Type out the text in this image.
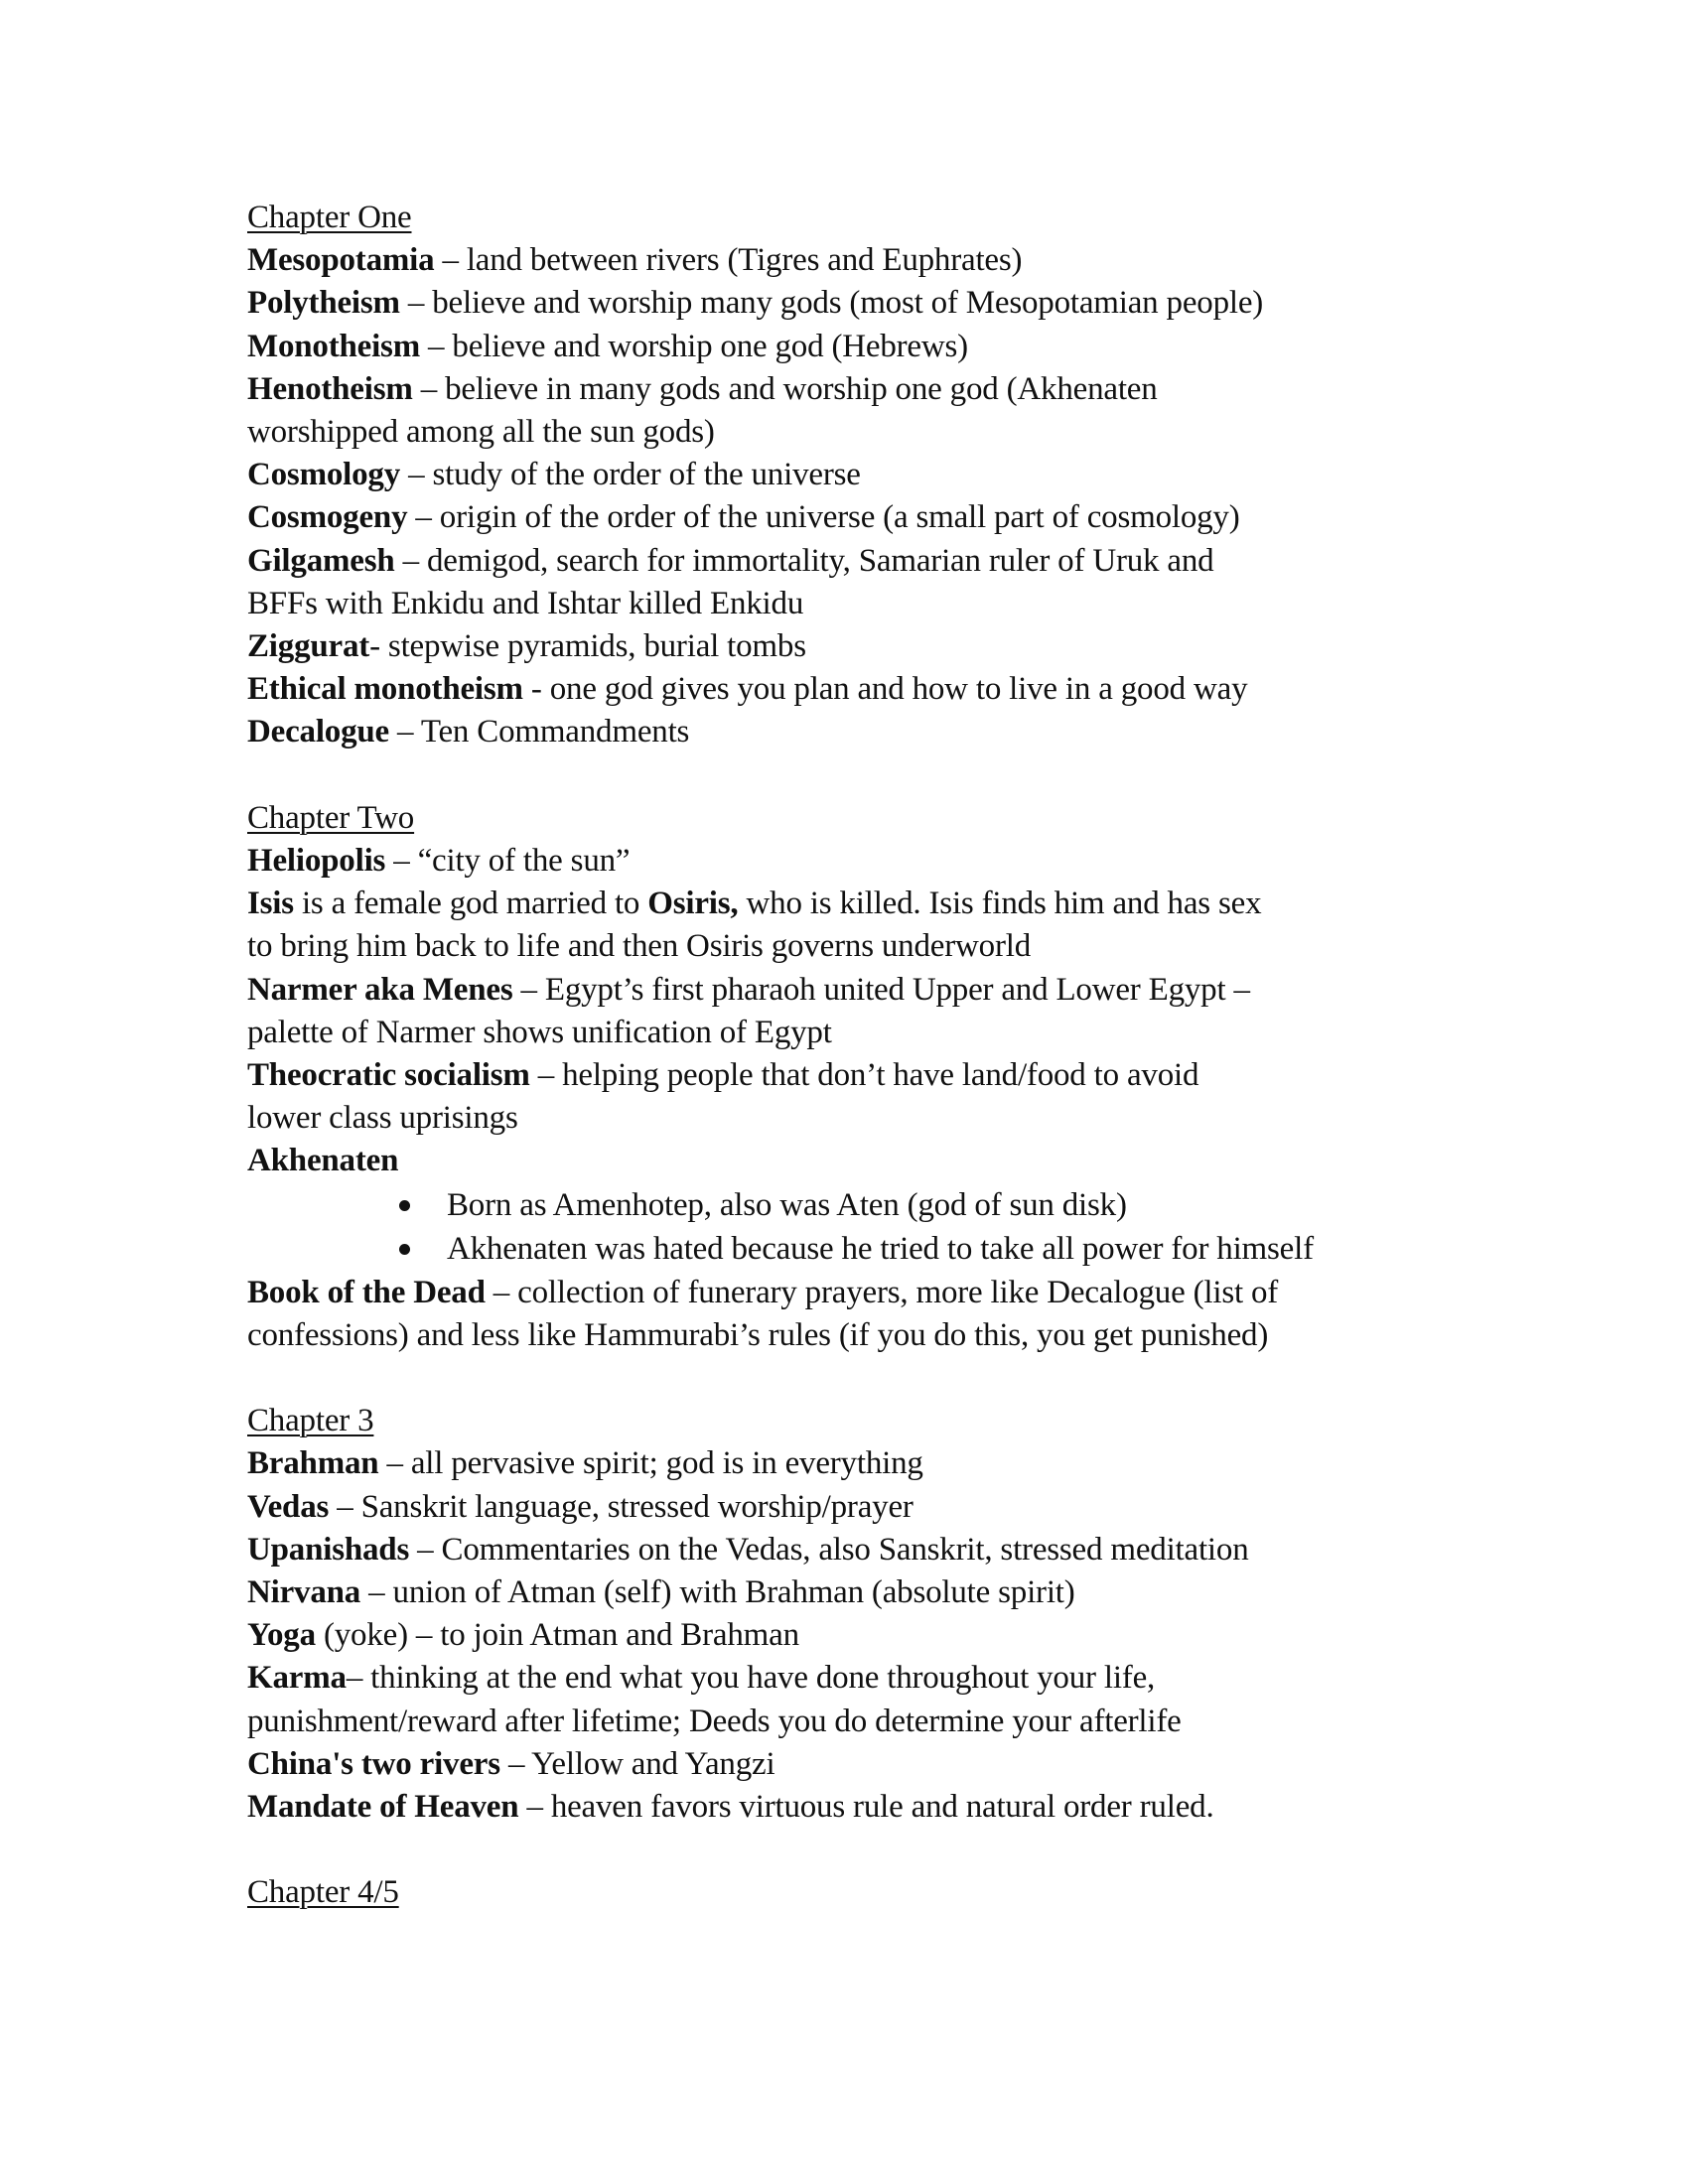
Chapter One
Mesopotamia – land between rivers (Tigres and Euphrates)
Polytheism – believe and worship many gods (most of Mesopotamian people)
Monotheism – believe and worship one god (Hebrews)
Henotheism – believe in many gods and worship one god (Akhenaten
worshipped among all the sun gods)
Cosmology – study of the order of the universe
Cosmogeny – origin of the order of the universe (a small part of cosmology)
Gilgamesh – demigod, search for immortality, Samarian ruler of Uruk and
BFFs with Enkidu and Ishtar killed Enkidu
Ziggurat- stepwise pyramids, burial tombs
Ethical monotheism - one god gives you plan and how to live in a good way
Decalogue – Ten Commandments
Chapter Two
Heliopolis – “city of the sun”
Isis is a female god married to Osiris, who is killed. Isis finds him and has sex
to bring him back to life and then Osiris governs underworld
Narmer aka Menes – Egypt’s first pharaoh united Upper and Lower Egypt –
palette of Narmer shows unification of Egypt
Theocratic socialism – helping people that don’t have land/food to avoid
lower class uprisings
Akhenaten
Born as Amenhotep, also was Aten (god of sun disk)
Akhenaten was hated because he tried to take all power for himself
Book of the Dead – collection of funerary prayers, more like Decalogue (list of
confessions) and less like Hammurabi’s rules (if you do this, you get punished)
Chapter 3
Brahman – all pervasive spirit; god is in everything
Vedas – Sanskrit language, stressed worship/prayer
Upanishads – Commentaries on the Vedas, also Sanskrit, stressed meditation
Nirvana – union of Atman (self) with Brahman (absolute spirit)
Yoga (yoke) – to join Atman and Brahman
Karma– thinking at the end what you have done throughout your life,
punishment/reward after lifetime; Deeds you do determine your afterlife
China's two rivers – Yellow and Yangzi
Mandate of Heaven – heaven favors virtuous rule and natural order ruled.
Chapter 4/5
